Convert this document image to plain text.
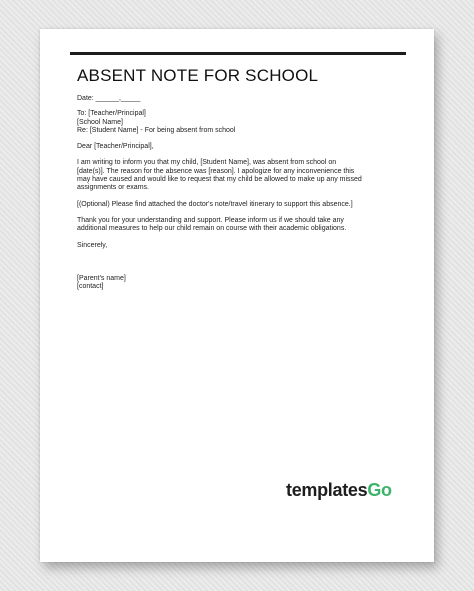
ABSENT NOTE FOR SCHOOL
Date: ______,_____
To: [Teacher/Principal]
[School Name]
Re: [Student Name] - For being absent from school
Dear [Teacher/Principal],
I am writing to inform you that my child, [Student Name], was absent from school on
[date(s)]. The reason for the absence was [reason]. I apologize for any inconvenience this
may have caused and would like to request that my child be allowed to make up any missed
assignments or exams.
[(Optional) Please find attached the doctor's note/travel itinerary to support this absence.]
Thank you for your understanding and support. Please inform us if we should take any
additional measures to help our child remain on course with their academic obligations.
Sincerely,
[Parent's name]
[contact]
templatesGo
